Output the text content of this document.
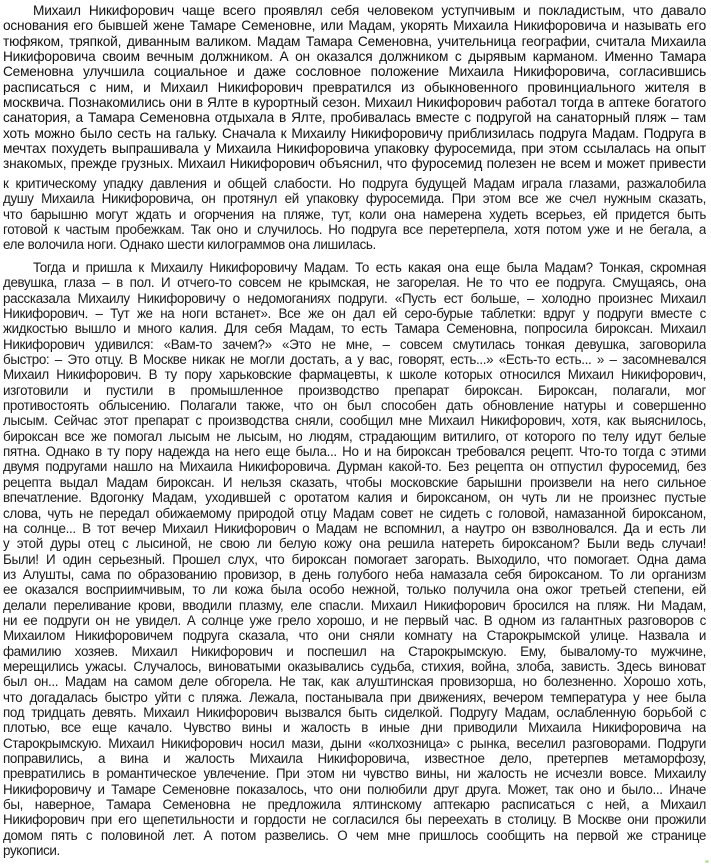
Михаил Никифорович чаще всего проявлял себя человеком уступчивым и покладистым, что давало
основания его бывшей жене Тамаре Семеновне, или Мадам, укорять Михаила Никифоровича и называть его
тюфяком, тряпкой, диванным валиком. Мадам Тамара Семеновна, учительница географии, считала Михаила
Никифоровича своим вечным должником. А он оказался должником с дырявым карманом. Именно Тамара
Семеновна улучшила социальное и даже сословное положение Михаила Никифоровича, согласившись
расписаться с ним, и Михаил Никифорович превратился из обыкновенного провинциального жителя в
москвича. Познакомились они в Ялте в курортный сезон. Михаил Никифорович работал тогда в аптеке богатого
санатория, а Тамара Семеновна отдыхала в Ялте, пробивалась вместе с подругой на санаторный пляж – там
хоть можно было сесть на гальку. Сначала к Михаилу Никифоровичу приблизилась подруга Мадам. Подруга в
мечтах похудеть выпрашивала у Михаила Никифоровича упаковку фуросемида, при этом ссылалась на опыт
знакомых, прежде грузных. Михаил Никифорович объяснил, что фуросемид полезен не всем и может привести
к критическому упадку давления и общей слабости. Но подруга будущей Мадам играла глазами, разжалобила
душу Михаила Никифоровича, он протянул ей упаковку фуросемида. При этом все же счел нужным сказать,
что барышню могут ждать и огорчения на пляже, тут, коли она намерена худеть всерьез, ей придется быть
готовой к частым пробежкам. Так оно и случилось. Но подруга все перетерпела, хотя потом уже и не бегала, а
еле волочила ноги. Однако шести килограммов она лишилась.
Тогда и пришла к Михаилу Никифоровичу Мадам. То есть какая она еще была Мадам? Тонкая, скромная
девушка, глаза – в пол. И отчего-то совсем не крымская, не загорелая. Не то что ее подруга. Смущаясь, она
рассказала Михаилу Никифоровичу о недомоганиях подруги. «Пусть ест больше, – холодно произнес Михаил
Никифорович. – Тут же на ноги встанет». Все же он дал ей серо-бурые таблетки: вдруг у подруги вместе с
жидкостью вышло и много калия. Для себя Мадам, то есть Тамара Семеновна, попросила бироксан. Михаил
Никифорович удивился: «Вам-то зачем?» «Это не мне, – совсем смутилась тонкая девушка, заговорила
быстро: – Это отцу. В Москве никак не могли достать, а у вас, говорят, есть...» «Есть-то есть... » – засомневался
Михаил Никифорович. В ту пору харьковские фармацевты, к школе которых относился Михаил Никифорович,
изготовили и пустили в промышленное производство препарат бироксан. Бироксан, полагали, мог
противостоять облысению. Полагали также, что он был способен дать обновление натуры и совершенно
лысым. Сейчас этот препарат с производства сняли, сообщил мне Михаил Никифорович, хотя, как выяснилось,
бироксан все же помогал лысым не лысым, но людям, страдающим витилиго, от которого по телу идут белые
пятна. Однако в ту пору надежда на него еще была... Но и на бироксан требовался рецепт. Что-то тогда с этими
двумя подругами нашло на Михаила Никифоровича. Дурман какой-то. Без рецепта он отпустил фуросемид, без
рецепта выдал Мадам бироксан. И нельзя сказать, чтобы московские барышни произвели на него сильное
впечатление. Вдогонку Мадам, уходившей с оротатом калия и бироксаном, он чуть ли не произнес пустые
слова, чуть не передал обижаемому природой отцу Мадам совет не сидеть с головой, намазанной бироксаном,
на солнце... В тот вечер Михаил Никифорович о Мадам не вспомнил, а наутро он взволновался. Да и есть ли
у этой дуры отец с лысиной, не свою ли белую кожу она решила натереть бироксаном? Были ведь случаи!
Были! И один серьезный. Прошел слух, что бироксан помогает загорать. Выходило, что помогает. Одна дама
из Алушты, сама по образованию провизор, в день голубого неба намазала себя бироксаном. То ли организм
ее оказался восприимчивым, то ли кожа была особо нежной, только получила она ожог третьей степени, ей
делали переливание крови, вводили плазму, еле спасли. Михаил Никифорович бросился на пляж. Ни Мадам,
ни ее подруги он не увидел. А солнце уже грело хорошо, и не первый час. В одном из галантных разговоров с
Михаилом Никифоровичем подруга сказала, что они сняли комнату на Старокрымской улице. Назвала и
фамилию хозяев. Михаил Никифорович и поспешил на Старокрымскую. Ему, бывалому-то мужчине,
мерещились ужасы. Случалось, виноватыми оказывались судьба, стихия, война, злоба, зависть. Здесь виноват
был он... Мадам на самом деле обгорела. Не так, как алуштинская провизорша, но болезненно. Хорошо хоть,
что догадалась быстро уйти с пляжа. Лежала, постанывала при движениях, вечером температура у нее была
под тридцать девять. Михаил Никифорович вызвался быть сиделкой. Подругу Мадам, ослабленную борьбой с
плотью, все еще качало. Чувство вины и жалость в иные дни приводили Михаила Никифоровича на
Старокрымскую. Михаил Никифорович носил мази, дыни «колхозница» с рынка, веселил разговорами. Подруги
поправились, а вина и жалость Михаила Никифоровича, известное дело, претерпев метаморфозу,
превратились в романтическое увлечение. При этом ни чувство вины, ни жалость не исчезли вовсе. Михаилу
Никифоровичу и Тамаре Семеновне показалось, что они полюбили друг друга. Может, так оно и было... Иначе
бы, наверное, Тамара Семеновна не предложила ялтинскому аптекарю расписаться с ней, а Михаил
Никифорович при его щепетильности и гордости не согласился бы переехать в столицу. В Москве они прожили
домом пять с половиной лет. А потом развелись. О чем мне пришлось сообщить на первой же странице
рукописи.
